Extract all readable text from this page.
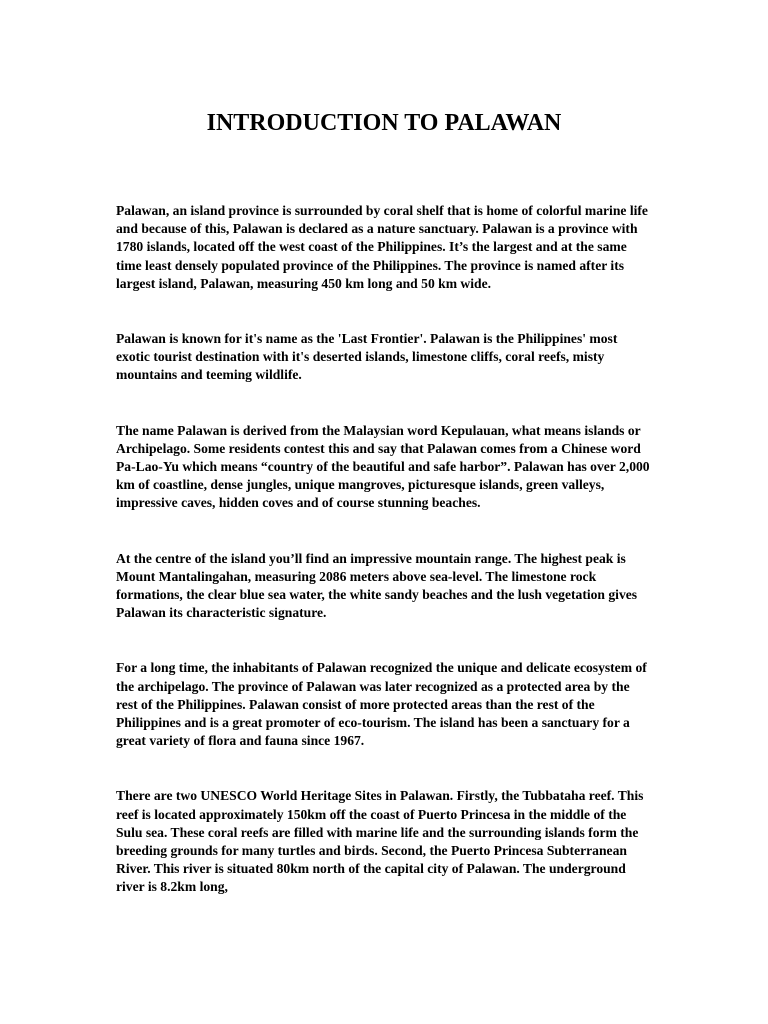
INTRODUCTION TO PALAWAN

Palawan, an island province is surrounded by coral shelf that is home of colorful marine life and because of this, Palawan is declared as a nature sanctuary. Palawan is a province with 1780 islands, located off the west coast of the Philippines. It’s the largest and at the same time least densely populated province of the Philippines. The province is named after its largest island, Palawan, measuring 450 km long and 50 km wide.

Palawan is known for it's name as the 'Last Frontier'. Palawan is the Philippines' most exotic tourist destination with it's deserted islands, limestone cliffs, coral reefs, misty mountains and teeming wildlife.

The name Palawan is derived from the Malaysian word Kepulauan, what means islands or Archipelago. Some residents contest this and say that Palawan comes from a Chinese word Pa-Lao-Yu which means “country of the beautiful and safe harbor”. Palawan has over 2,000 km of coastline, dense jungles, unique mangroves, picturesque islands, green valleys, impressive caves, hidden coves and of course stunning beaches.

At the centre of the island you’ll find an impressive mountain range. The highest peak is Mount Mantalingahan, measuring 2086 meters above sea-level. The limestone rock formations, the clear blue sea water, the white sandy beaches and the lush vegetation gives Palawan its characteristic signature.

For a long time, the inhabitants of Palawan recognized the unique and delicate ecosystem of the archipelago. The province of Palawan was later recognized as a protected area by the rest of the Philippines. Palawan consist of more protected areas than the rest of the Philippines and is a great promoter of eco-tourism. The island has been a sanctuary for a great variety of flora and fauna since 1967.

There are two UNESCO World Heritage Sites in Palawan. Firstly, the Tubbataha reef. This reef is located approximately 150km off the coast of Puerto Princesa in the middle of the Sulu sea. These coral reefs are filled with marine life and the surrounding islands form the breeding grounds for many turtles and birds. Second, the Puerto Princesa Subterranean River. This river is situated 80km north of the capital city of Palawan. The underground river is 8.2km long,
